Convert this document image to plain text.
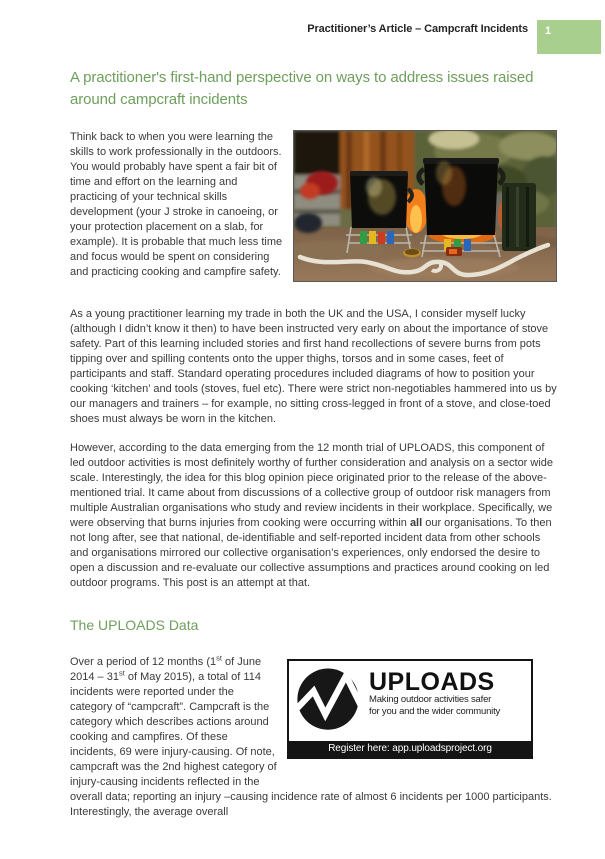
Practitioner’s Article – Campcraft Incidents	1
A practitioner's first-hand perspective on ways to address issues raised around campcraft incidents
Think back to when you were learning the skills to work professionally in the outdoors. You would probably have spent a fair bit of time and effort on the learning and practicing of your technical skills development (your J stroke in canoeing, or your protection placement on a slab, for example). It is probable that much less time and focus would be spent on considering and practicing cooking and campfire safety.
As a young practitioner learning my trade in both the UK and the USA, I consider myself lucky (although I didn’t know it then) to have been instructed very early on about the importance of stove safety. Part of this learning included stories and first hand recollections of severe burns from pots tipping over and spilling contents onto the upper thighs, torsos and in some cases, feet of participants and staff. Standard operating procedures included diagrams of how to position your cooking ‘kitchen’ and tools (stoves, fuel etc). There were strict non-negotiables hammered into us by our managers and trainers – for example, no sitting cross-legged in front of a stove, and close-toed shoes must always be worn in the kitchen.
However, according to the data emerging from the 12 month trial of UPLOADS, this component of led outdoor activities is most definitely worthy of further consideration and analysis on a sector wide scale. Interestingly, the idea for this blog opinion piece originated prior to the release of the above-mentioned trial. It came about from discussions of a collective group of outdoor risk managers from multiple Australian organisations who study and review incidents in their workplace. Specifically, we were observing that burns injuries from cooking were occurring within all our organisations. To then not long after, see that national, de-identifiable and self-reported incident data from other schools and organisations mirrored our collective organisation’s experiences, only endorsed the desire to open a discussion and re-evaluate our collective assumptions and practices around cooking on led outdoor programs. This post is an attempt at that.
The UPLOADS Data
UPLOADS
Making outdoor activities safer
for you and the wider community
Register here: app.uploadsproject.org
Over a period of 12 months (1st of June 2014 – 31st of May 2015), a total of 114 incidents were reported under the category of “campcraft”. Campcraft is the category which describes actions around cooking and campfires. Of these incidents, 69 were injury-causing. Of note, campcraft was the 2nd highest category of injury-causing incidents reflected in the overall data; reporting an injury –causing incidence rate of almost 6 incidents per 1000 participants. Interestingly, the average overall
